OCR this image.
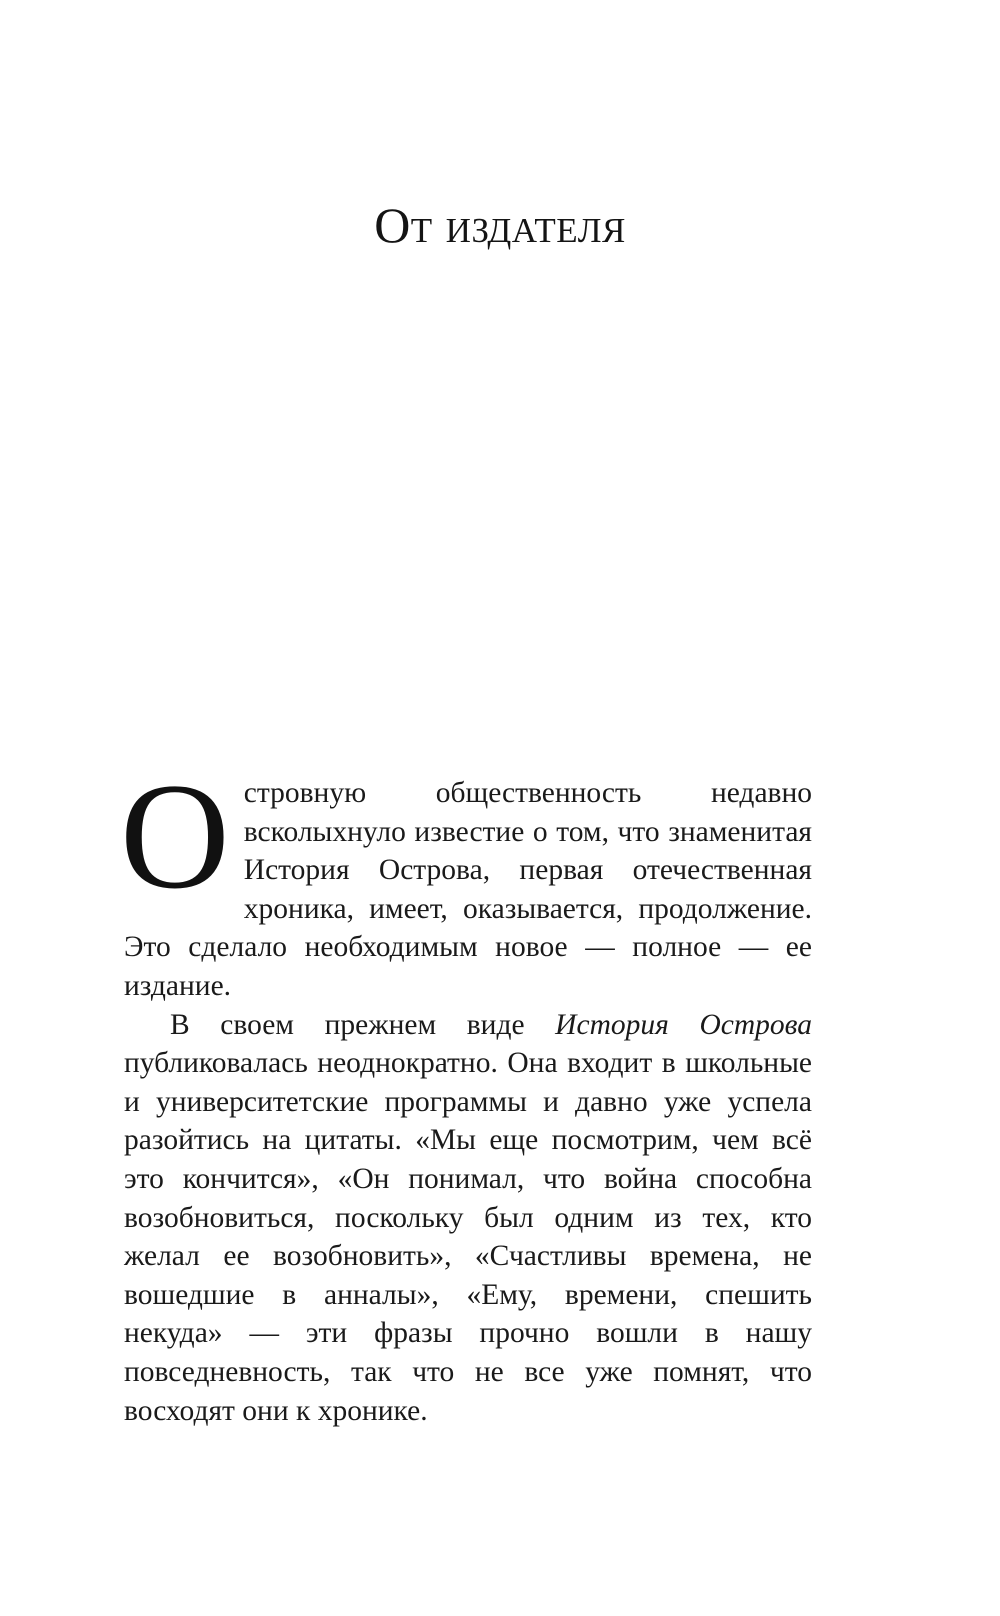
От издателя

Островную общественность недавно всколыхнуло известие о том, что знаменитая История Острова, первая отечественная хроника, имеет, оказывается, продолжение. Это сделало необходимым новое — полное — ее издание.

В своем прежнем виде История Острова публиковалась неоднократно. Она входит в школьные и университетские программы и давно уже успела разойтись на цитаты. «Мы еще посмотрим, чем всё это кончится», «Он понимал, что война способна возобновиться, поскольку был одним из тех, кто желал ее возобновить», «Счастливы времена, не вошедшие в анналы», «Ему, времени, спешить некуда» — эти фразы прочно вошли в нашу повседневность, так что не все уже помнят, что восходят они к хронике.
